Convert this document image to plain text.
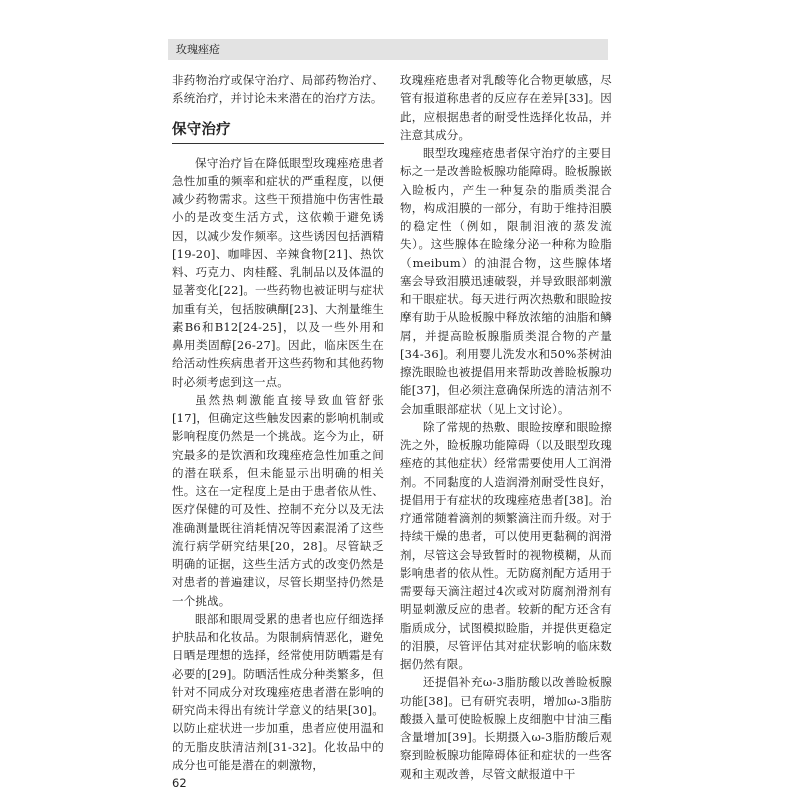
玫瑰痤疮

非药物治疗或保守治疗、局部药物治疗、系统治疗，并讨论未来潜在的治疗方法。

保守治疗

保守治疗旨在降低眼型玫瑰痤疮患者急性加重的频率和症状的严重程度，以便减少药物需求。这些干预措施中伤害性最小的是改变生活方式，这依赖于避免诱因，以减少发作频率。这些诱因包括酒精[19-20]、咖啡因、辛辣食物[21]、热饮料、巧克力、肉桂醛、乳制品以及体温的显著变化[22]。一些药物也被证明与症状加重有关，包括胺碘酮[23]、大剂量维生素B6和B12[24-25]，以及一些外用和鼻用类固醇[26-27]。因此，临床医生在给活动性疾病患者开这些药物和其他药物时必须考虑到这一点。

虽然热刺激能直接导致血管舒张[17]，但确定这些触发因素的影响机制或影响程度仍然是一个挑战。迄今为止，研究最多的是饮酒和玫瑰痤疮急性加重之间的潜在联系，但未能显示出明确的相关性。这在一定程度上是由于患者依从性、医疗保健的可及性、控制不充分以及无法准确测量既往消耗情况等因素混淆了这些流行病学研究结果[20，28]。尽管缺乏明确的证据，这些生活方式的改变仍然是对患者的普遍建议，尽管长期坚持仍然是一个挑战。

眼部和眼周受累的患者也应仔细选择护肤品和化妆品。为限制病情恶化，避免日晒是理想的选择，经常使用防晒霜是有必要的[29]。防晒活性成分种类繁多，但针对不同成分对玫瑰痤疮患者潜在影响的研究尚未得出有统计学意义的结果[30]。以防止症状进一步加重，患者应使用温和的无脂皮肤清洁剂[31-32]。化妆品中的成分也可能是潜在的刺激物，

玫瑰痤疮患者对乳酸等化合物更敏感，尽管有报道称患者的反应存在差异[33]。因此，应根据患者的耐受性选择化妆品，并注意其成分。

眼型玫瑰痤疮患者保守治疗的主要目标之一是改善睑板腺功能障碍。睑板腺嵌入睑板内，产生一种复杂的脂质类混合物，构成泪膜的一部分，有助于维持泪膜的稳定性（例如，限制泪液的蒸发流失）。这些腺体在睑缘分泌一种称为睑脂（meibum）的油混合物，这些腺体堵塞会导致泪膜迅速破裂，并导致眼部刺激和干眼症状。每天进行两次热敷和眼睑按摩有助于从睑板腺中释放浓缩的油脂和鳞屑，并提高睑板腺脂质类混合物的产量[34-36]。利用婴儿洗发水和50%茶树油擦洗眼睑也被提倡用来帮助改善睑板腺功能[37]，但必须注意确保所选的清洁剂不会加重眼部症状（见上文讨论）。

除了常规的热敷、眼睑按摩和眼睑擦洗之外，睑板腺功能障碍（以及眼型玫瑰痤疮的其他症状）经常需要使用人工润滑剂。不同黏度的人造润滑剂耐受性良好，提倡用于有症状的玫瑰痤疮患者[38]。治疗通常随着滴剂的频繁滴注而升级。对于持续干燥的患者，可以使用更黏稠的润滑剂，尽管这会导致暂时的视物模糊，从而影响患者的依从性。无防腐剂配方适用于需要每天滴注超过4次或对防腐剂滑剂有明显刺激反应的患者。较新的配方还含有脂质成分，试图模拟睑脂，并提供更稳定的泪膜，尽管评估其对症状影响的临床数据仍然有限。

还提倡补充ω-3脂肪酸以改善睑板腺功能[38]。已有研究表明，增加ω-3脂肪酸摄入量可使睑板腺上皮细胞中甘油三酯含量增加[39]。长期摄入ω-3脂肪酸后观察到睑板腺功能障碍体征和症状的一些客观和主观改善，尽管文献报道中干

62
